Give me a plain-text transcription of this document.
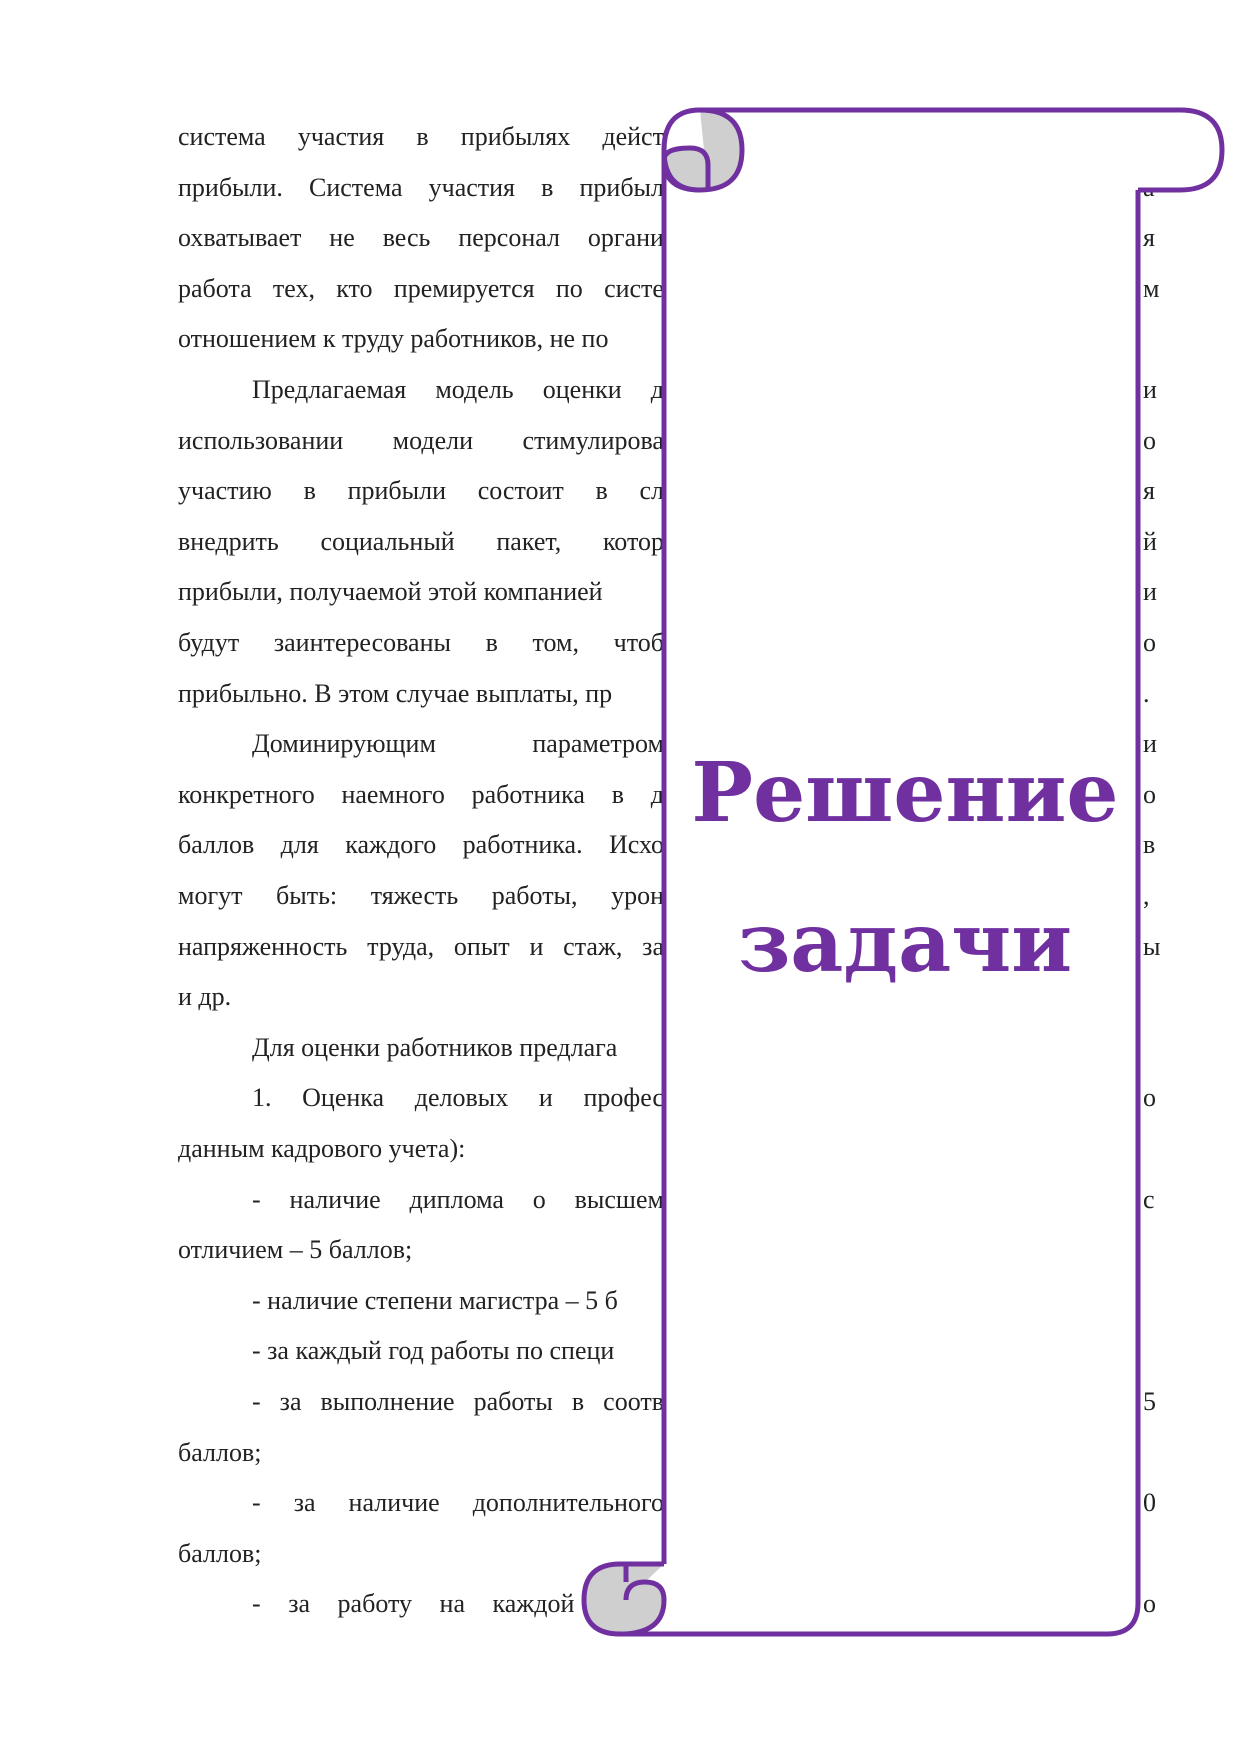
система участия в прибылях дейст
прибыли. Система участия в прибыл
охватывает не весь персонал органи
работа тех, кто премируется по систе
отношением к труду работников, не по
Предлагаемая модель оценки д
использовании модели стимулирова
участию в прибыли состоит в сл
внедрить социальный пакет, котор
прибыли, получаемой этой компанией
будут заинтересованы в том, чтоб
прибыльно. В этом случае выплаты, пр
Доминирующим	параметром
конкретного наемного работника в д
баллов для каждого работника. Исхо
могут быть: тяжесть работы, урон
напряженность труда, опыт и стаж, за
и др.
Для оценки работников предлага
1. Оценка деловых и профес
данным кадрового учета):
- наличие диплома о высшем
отличием – 5 баллов;
- наличие степени магистра – 5 б
- за каждый год работы по специ
- за выполнение работы в соотв
баллов;
- за наличие дополнительного
баллов;
- за работу на каждой
я
м
и
о
я
й
и
о
.
и
о
в
,
ы
о
с
5
0
о
Решение
задачи
